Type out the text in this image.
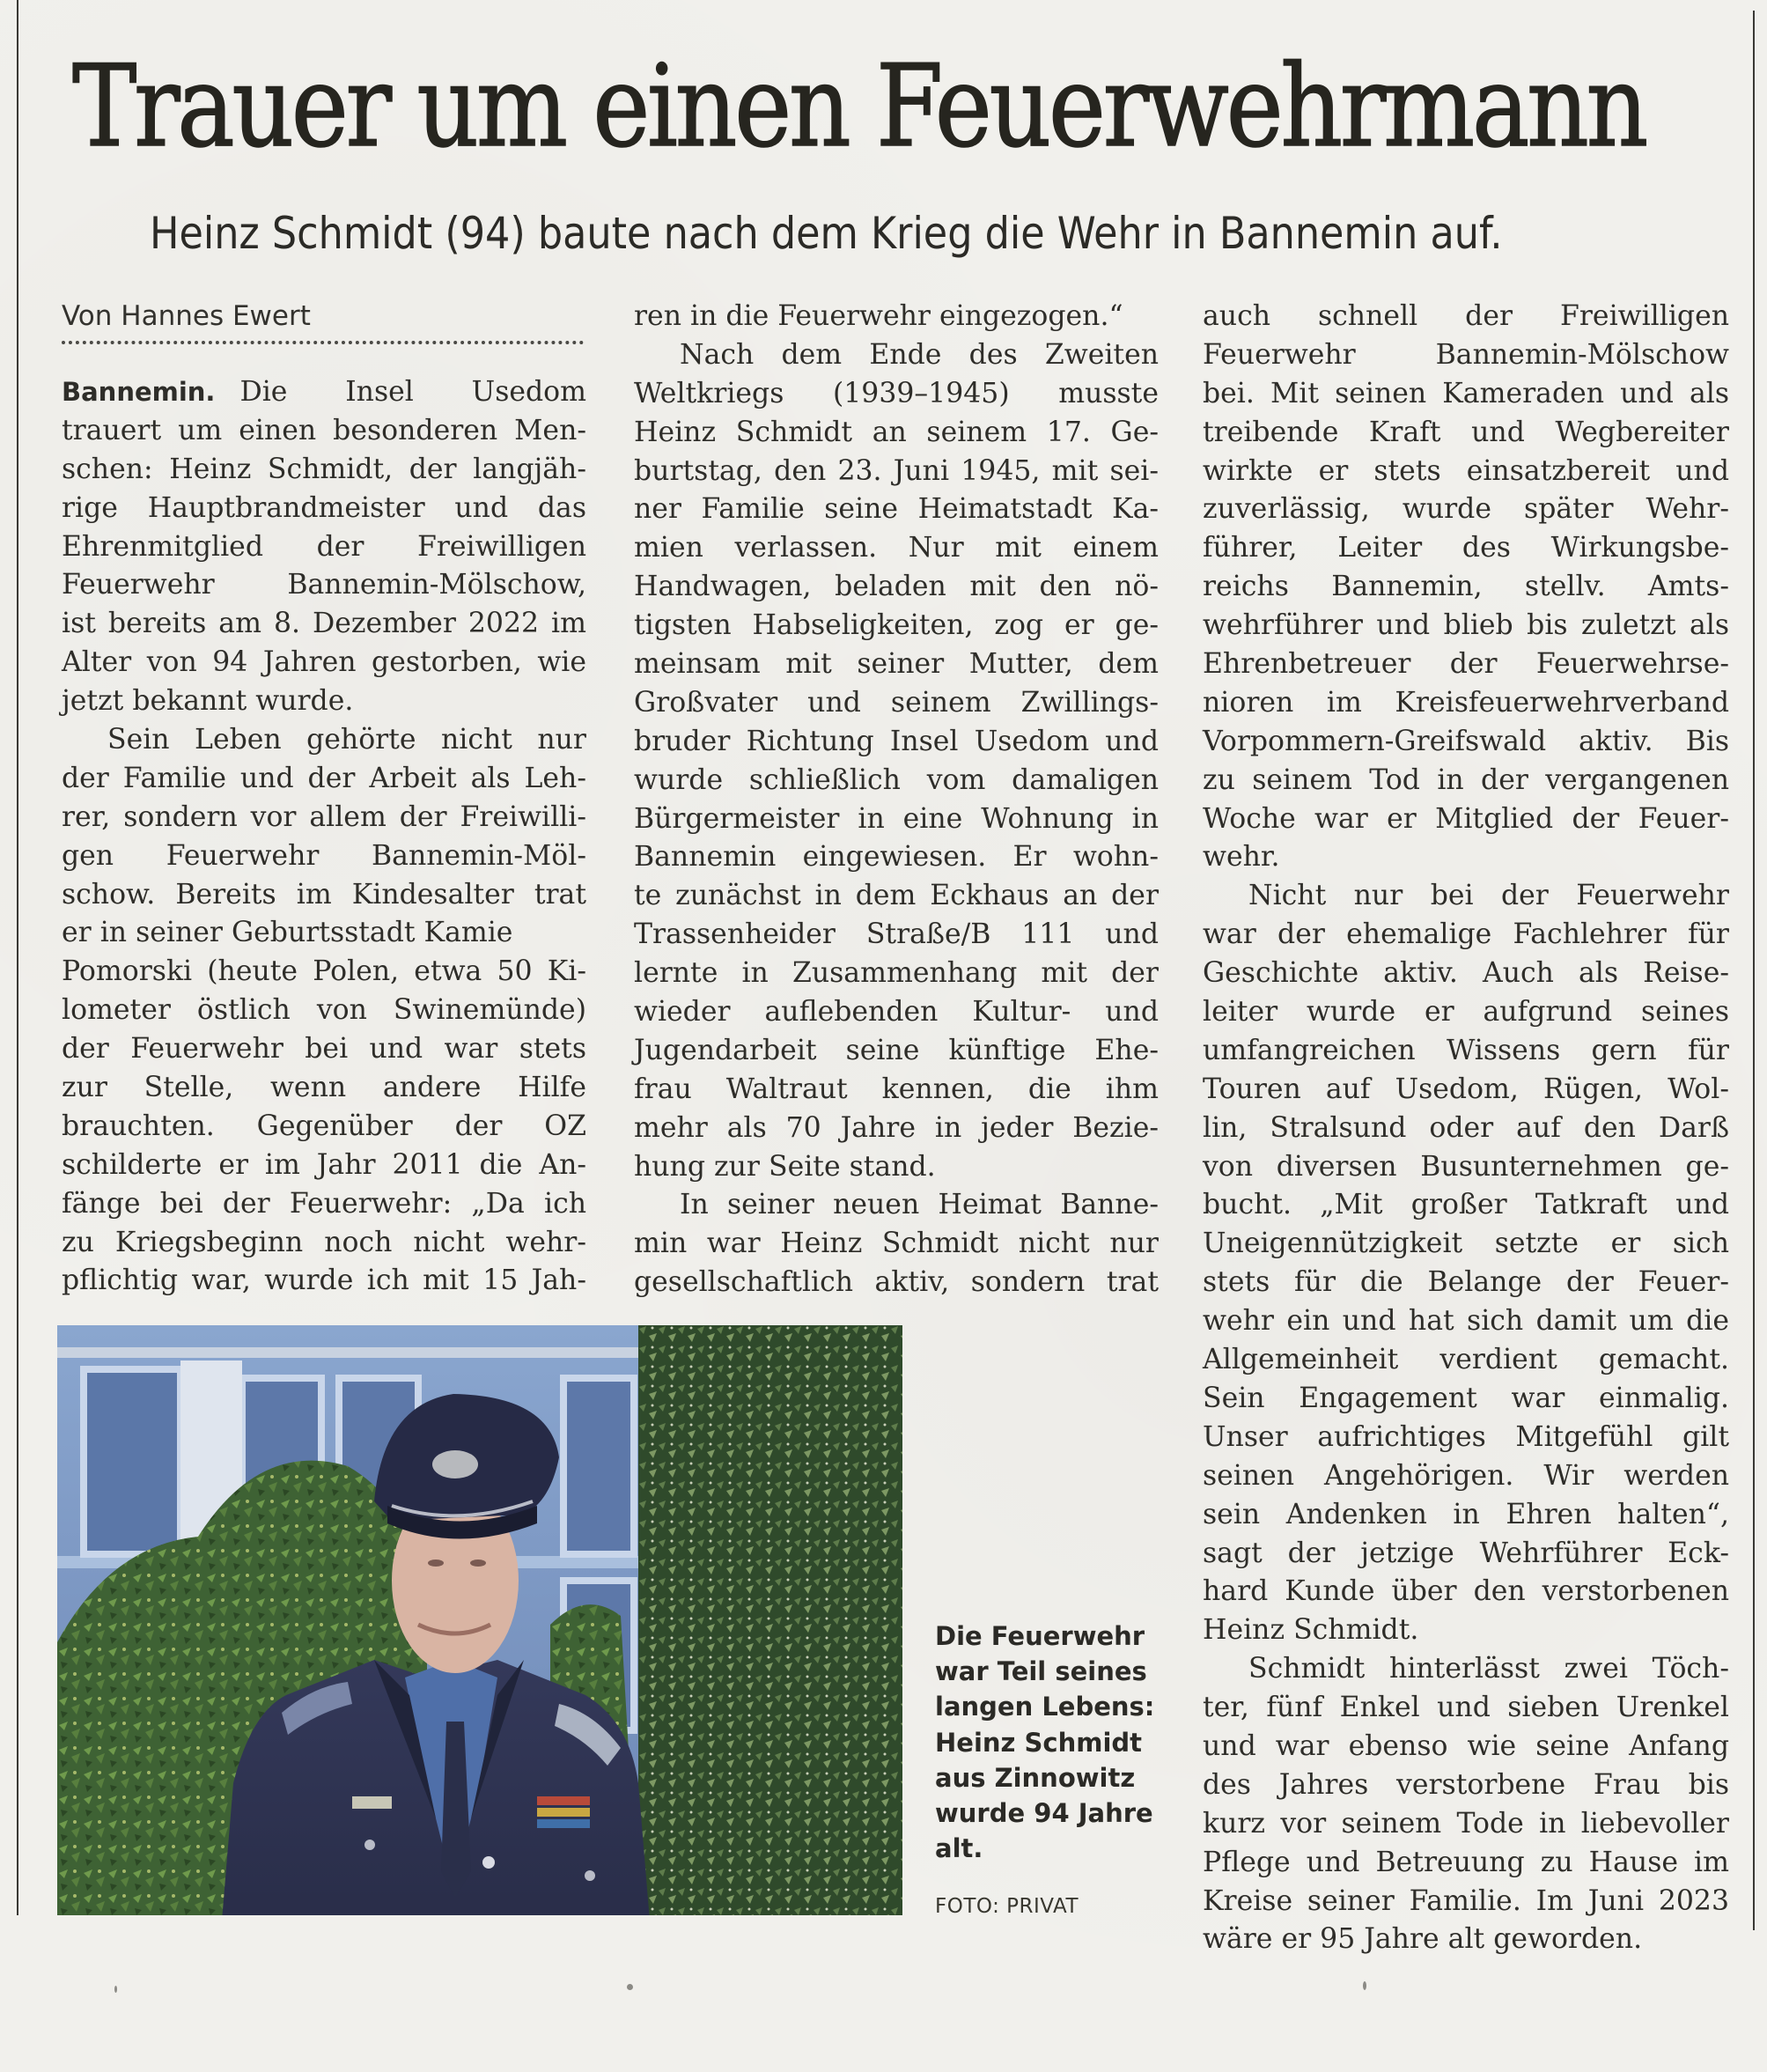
Trauer um einen Feuerwehrmann
Heinz Schmidt (94) baute nach dem Krieg die Wehr in Bannemin auf.
Von Hannes Ewert
Bannemin. Die Insel Usedom
trauert um einen besonderen Men-
schen: Heinz Schmidt, der langjäh-
rige Hauptbrandmeister und das
Ehrenmitglied der Freiwilligen
Feuerwehr Bannemin-Mölschow,
ist bereits am 8. Dezember 2022 im
Alter von 94 Jahren gestorben, wie
jetzt bekannt wurde.
Sein Leben gehörte nicht nur
der Familie und der Arbeit als Leh-
rer, sondern vor allem der Freiwilli-
gen Feuerwehr Bannemin-Möl-
schow. Bereits im Kindesalter trat
er in seiner Geburtsstadt Kamie
Pomorski (heute Polen, etwa 50 Ki-
lometer östlich von Swinemünde)
der Feuerwehr bei und war stets
zur Stelle, wenn andere Hilfe
brauchten. Gegenüber der OZ
schilderte er im Jahr 2011 die An-
fänge bei der Feuerwehr: „Da ich
zu Kriegsbeginn noch nicht wehr-
pflichtig war, wurde ich mit 15 Jah-
ren in die Feuerwehr eingezogen.“
Nach dem Ende des Zweiten
Weltkriegs (1939–1945) musste
Heinz Schmidt an seinem 17. Ge-
burtstag, den 23. Juni 1945, mit sei-
ner Familie seine Heimatstadt Ka-
mien verlassen. Nur mit einem
Handwagen, beladen mit den nö-
tigsten Habseligkeiten, zog er ge-
meinsam mit seiner Mutter, dem
Großvater und seinem Zwillings-
bruder Richtung Insel Usedom und
wurde schließlich vom damaligen
Bürgermeister in eine Wohnung in
Bannemin eingewiesen. Er wohn-
te zunächst in dem Eckhaus an der
Trassenheider Straße/B 111 und
lernte in Zusammenhang mit der
wieder auflebenden Kultur- und
Jugendarbeit seine künftige Ehe-
frau Waltraut kennen, die ihm
mehr als 70 Jahre in jeder Bezie-
hung zur Seite stand.
In seiner neuen Heimat Banne-
min war Heinz Schmidt nicht nur
gesellschaftlich aktiv, sondern trat
auch schnell der Freiwilligen
Feuerwehr Bannemin-Mölschow
bei. Mit seinen Kameraden und als
treibende Kraft und Wegbereiter
wirkte er stets einsatzbereit und
zuverlässig, wurde später Wehr-
führer, Leiter des Wirkungsbe-
reichs Bannemin, stellv. Amts-
wehrführer und blieb bis zuletzt als
Ehrenbetreuer der Feuerwehrse-
nioren im Kreisfeuerwehrverband
Vorpommern-Greifswald aktiv. Bis
zu seinem Tod in der vergangenen
Woche war er Mitglied der Feuer-
wehr.
Nicht nur bei der Feuerwehr
war der ehemalige Fachlehrer für
Geschichte aktiv. Auch als Reise-
leiter wurde er aufgrund seines
umfangreichen Wissens gern für
Touren auf Usedom, Rügen, Wol-
lin, Stralsund oder auf den Darß
von diversen Busunternehmen ge-
bucht. „Mit großer Tatkraft und
Uneigennützigkeit setzte er sich
stets für die Belange der Feuer-
wehr ein und hat sich damit um die
Allgemeinheit verdient gemacht.
Sein Engagement war einmalig.
Unser aufrichtiges Mitgefühl gilt
seinen Angehörigen. Wir werden
sein Andenken in Ehren halten“,
sagt der jetzige Wehrführer Eck-
hard Kunde über den verstorbenen
Heinz Schmidt.
Schmidt hinterlässt zwei Töch-
ter, fünf Enkel und sieben Urenkel
und war ebenso wie seine Anfang
des Jahres verstorbene Frau bis
kurz vor seinem Tode in liebevoller
Pflege und Betreuung zu Hause im
Kreise seiner Familie. Im Juni 2023
wäre er 95 Jahre alt geworden.
Die Feuerwehr
war Teil seines
langen Lebens:
Heinz Schmidt
aus Zinnowitz
wurde 94 Jahre
alt.
FOTO: PRIVAT
